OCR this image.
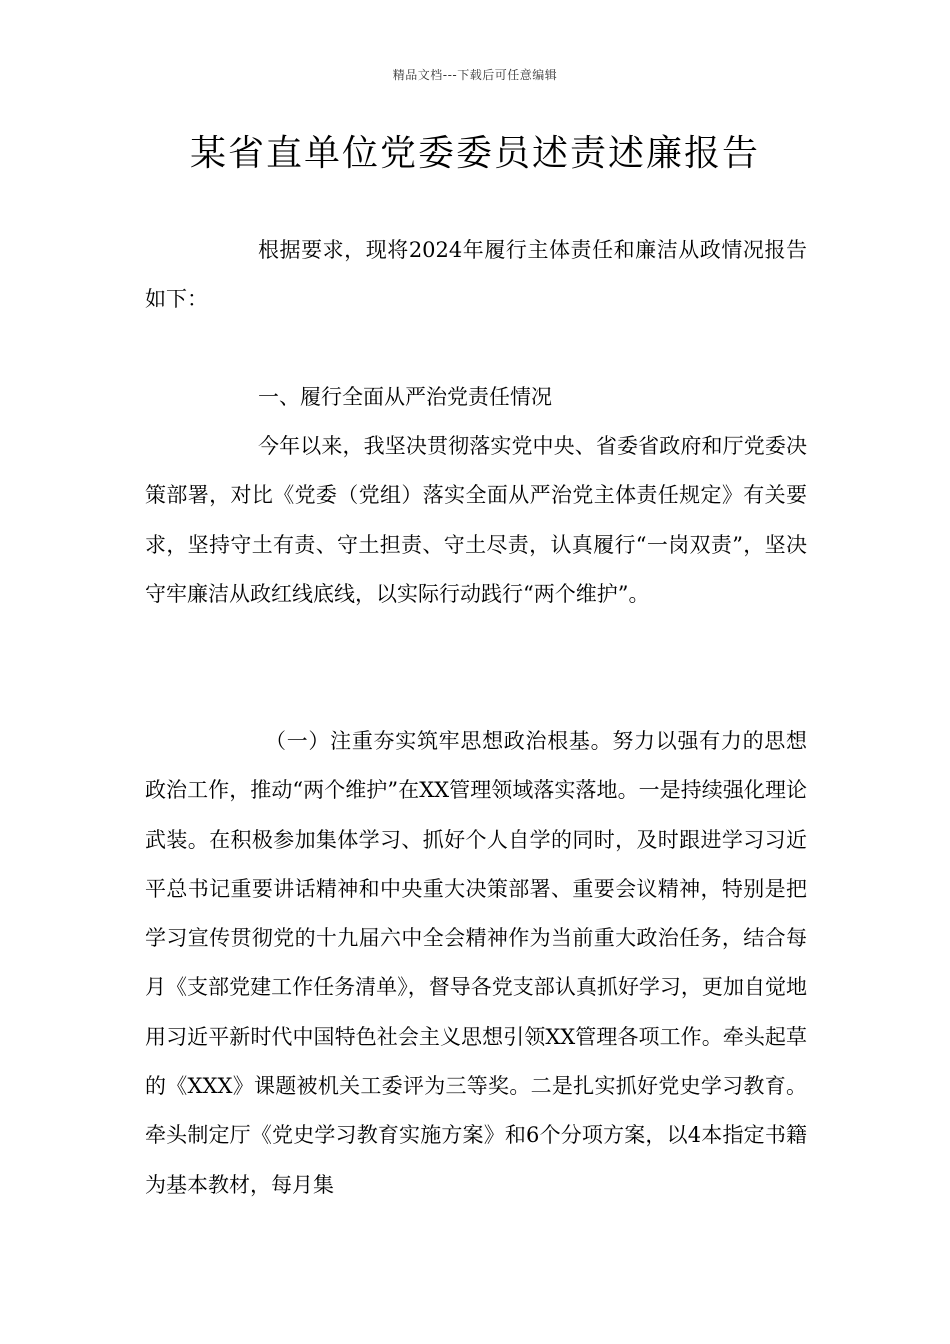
精品文档---下载后可任意编辑
某省直单位党委委员述责述廉报告

根据要求，现将2024年履行主体责任和廉洁从政情况报告如下：

一、履行全面从严治党责任情况

今年以来，我坚决贯彻落实党中央、省委省政府和厅党委决策部署，对比《党委（党组）落实全面从严治党主体责任规定》有关要求，坚持守土有责、守土担责、守土尽责，认真履行“一岗双责”，坚决守牢廉洁从政红线底线，以实际行动践行“两个维护”。

（一）注重夯实筑牢思想政治根基。努力以强有力的思想政治工作，推动“两个维护”在XX管理领域落实落地。一是持续强化理论武装。在积极参加集体学习、抓好个人自学的同时，及时跟进学习习近平总书记重要讲话精神和中央重大决策部署、重要会议精神，特别是把学习宣传贯彻党的十九届六中全会精神作为当前重大政治任务，结合每月《支部党建工作任务清单》，督导各党支部认真抓好学习，更加自觉地用习近平新时代中国特色社会主义思想引领XX管理各项工作。牵头起草的《XXX》课题被机关工委评为三等奖。二是扎实抓好党史学习教育。牵头制定厅《党史学习教育实施方案》和6个分项方案，以4本指定书籍为基本教材，每月集
